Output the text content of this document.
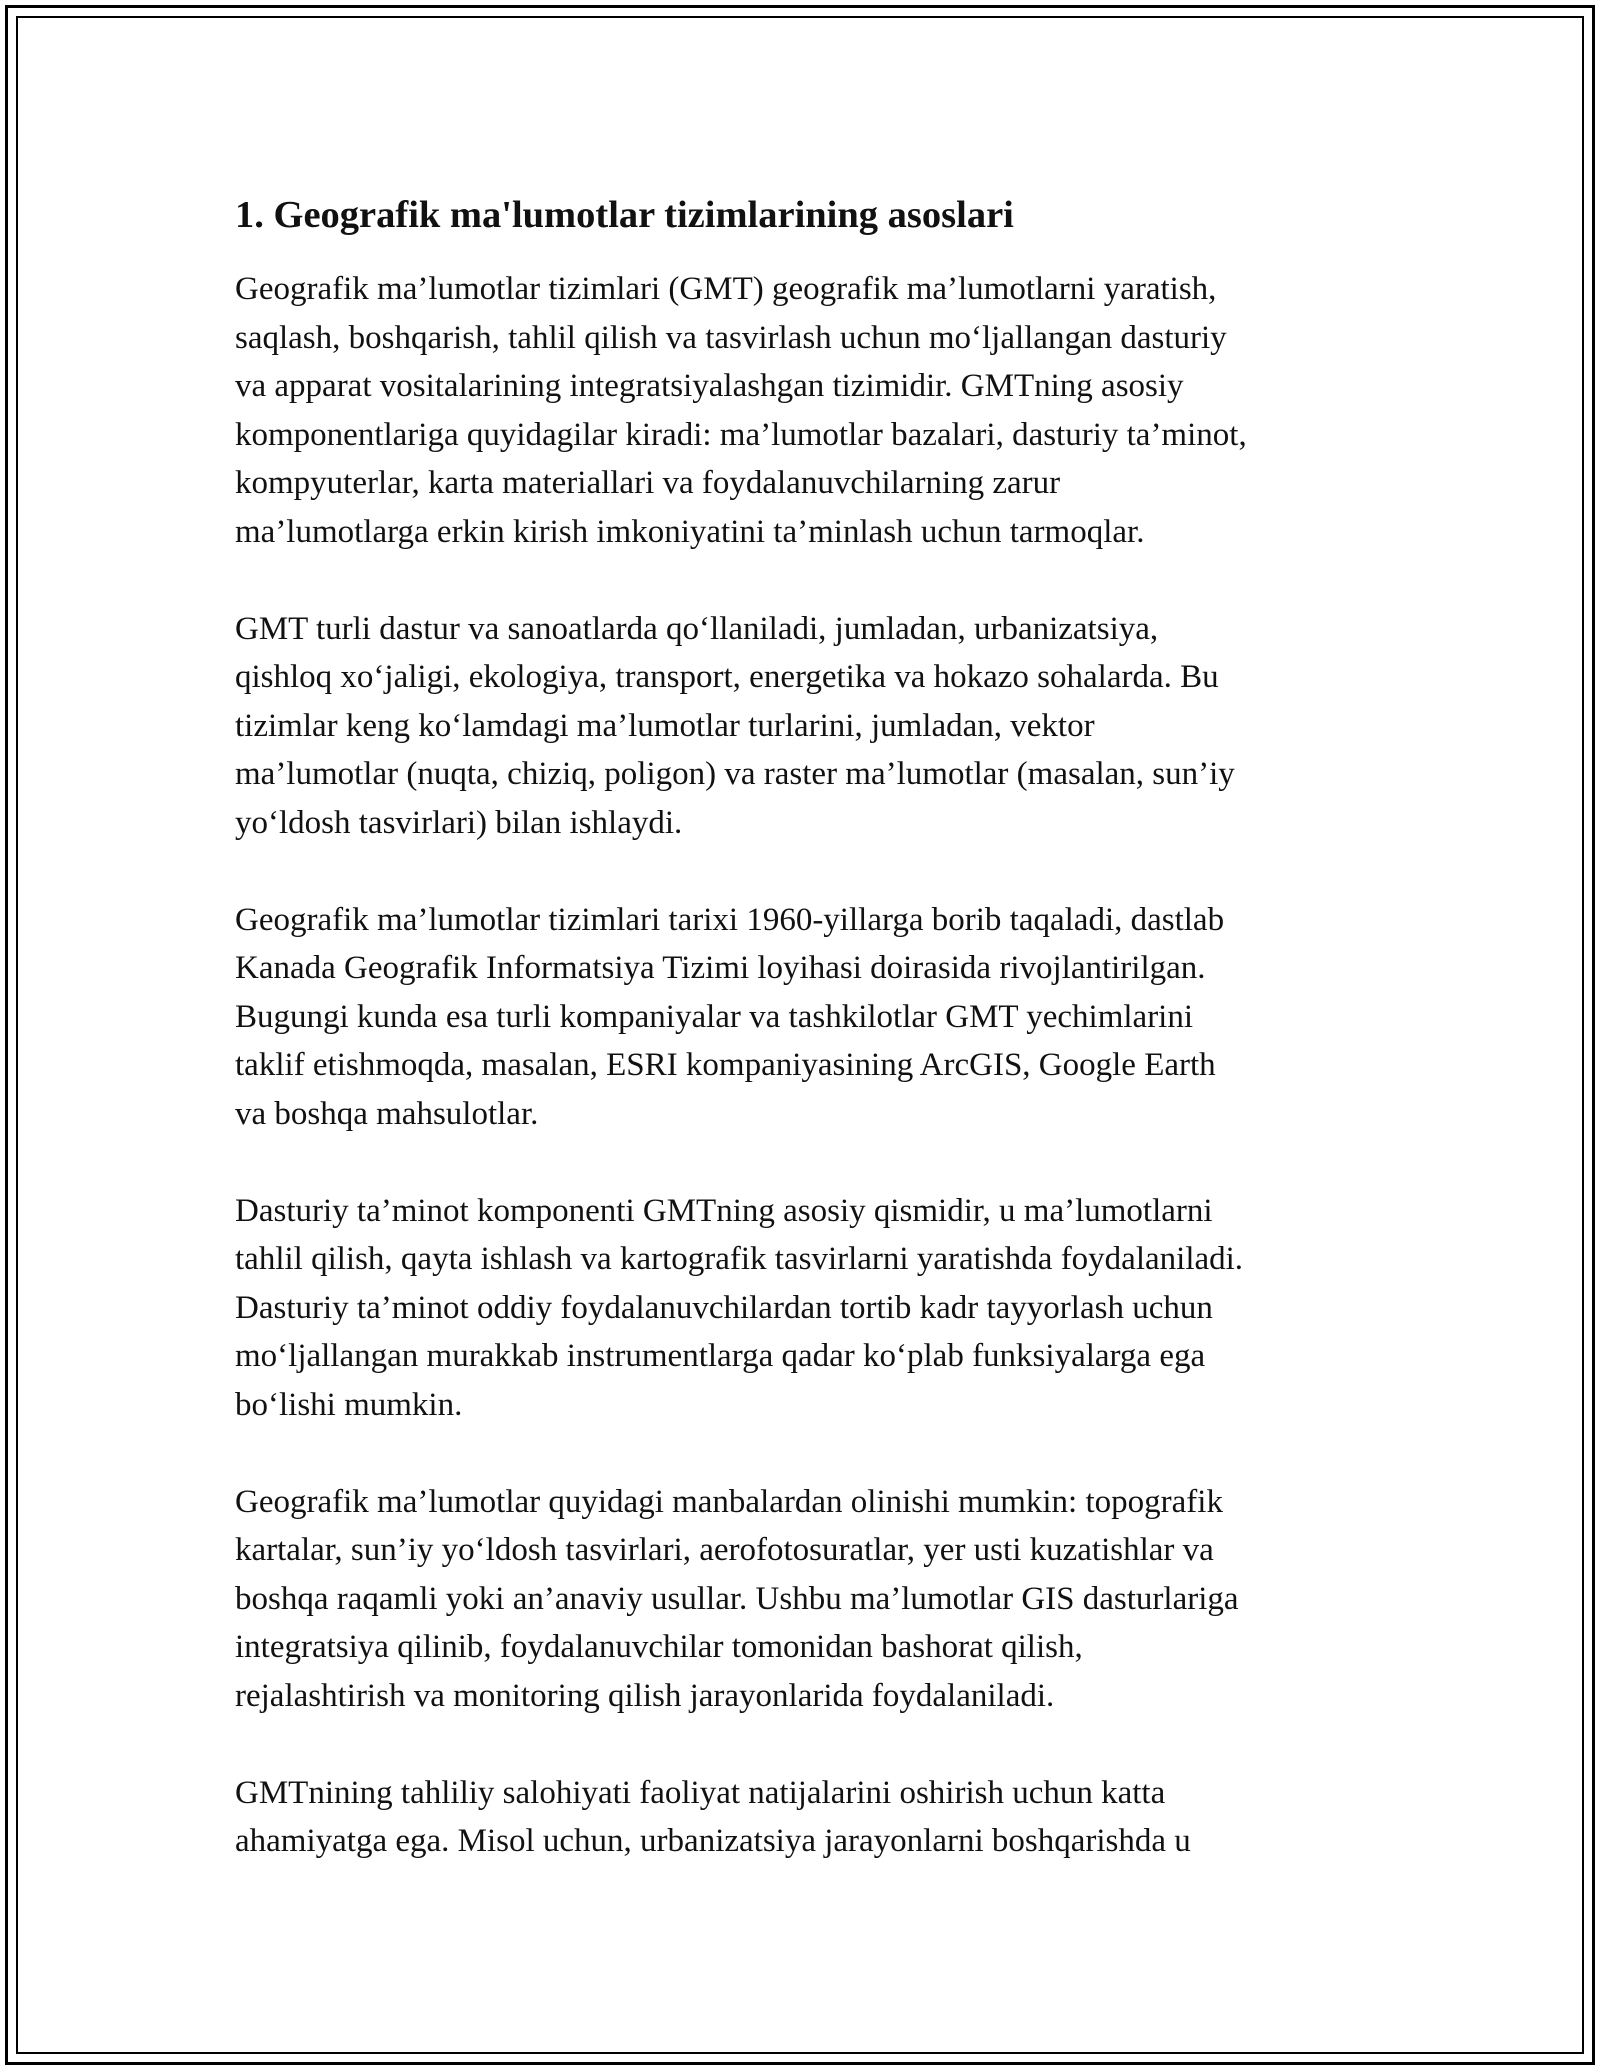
1. Geografik ma'lumotlar tizimlarining asoslari

Geografik ma’lumotlar tizimlari (GMT) geografik ma’lumotlarni yaratish,
saqlash, boshqarish, tahlil qilish va tasvirlash uchun mo‘ljallangan dasturiy
va apparat vositalarining integratsiyalashgan tizimidir. GMTning asosiy
komponentlariga quyidagilar kiradi: ma’lumotlar bazalari, dasturiy ta’minot,
kompyuterlar, karta materiallari va foydalanuvchilarning zarur
ma’lumotlarga erkin kirish imkoniyatini ta’minlash uchun tarmoqlar.

GMT turli dastur va sanoatlarda qo‘llaniladi, jumladan, urbanizatsiya,
qishloq xo‘jaligi, ekologiya, transport, energetika va hokazo sohalarda. Bu
tizimlar keng ko‘lamdagi ma’lumotlar turlarini, jumladan, vektor
ma’lumotlar (nuqta, chiziq, poligon) va raster ma’lumotlar (masalan, sun’iy
yo‘ldosh tasvirlari) bilan ishlaydi.

Geografik ma’lumotlar tizimlari tarixi 1960-yillarga borib taqaladi, dastlab
Kanada Geografik Informatsiya Tizimi loyihasi doirasida rivojlantirilgan.
Bugungi kunda esa turli kompaniyalar va tashkilotlar GMT yechimlarini
taklif etishmoqda, masalan, ESRI kompaniyasining ArcGIS, Google Earth
va boshqa mahsulotlar.

Dasturiy ta’minot komponenti GMTning asosiy qismidir, u ma’lumotlarni
tahlil qilish, qayta ishlash va kartografik tasvirlarni yaratishda foydalaniladi.
Dasturiy ta’minot oddiy foydalanuvchilardan tortib kadr tayyorlash uchun
mo‘ljallangan murakkab instrumentlarga qadar ko‘plab funksiyalarga ega
bo‘lishi mumkin.

Geografik ma’lumotlar quyidagi manbalardan olinishi mumkin: topografik
kartalar, sun’iy yo‘ldosh tasvirlari, aerofotosuratlar, yer usti kuzatishlar va
boshqa raqamli yoki an’anaviy usullar. Ushbu ma’lumotlar GIS dasturlariga
integratsiya qilinib, foydalanuvchilar tomonidan bashorat qilish,
rejalashtirish va monitoring qilish jarayonlarida foydalaniladi.

GMTnining tahliliy salohiyati faoliyat natijalarini oshirish uchun katta
ahamiyatga ega. Misol uchun, urbanizatsiya jarayonlarni boshqarishda u
